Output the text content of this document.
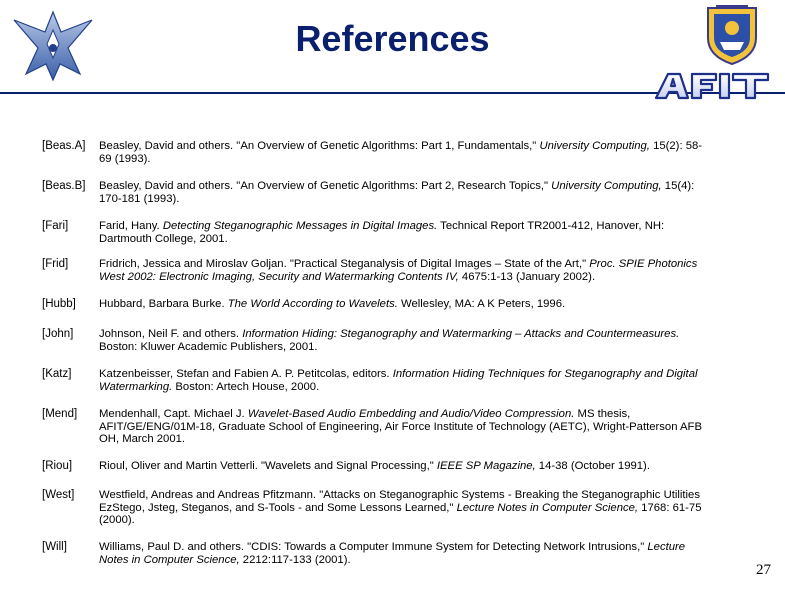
References
[Beas.A] Beasley, David and others. "An Overview of Genetic Algorithms: Part 1, Fundamentals," University Computing, 15(2): 58-69 (1993).
[Beas.B] Beasley, David and others. "An Overview of Genetic Algorithms: Part 2, Research Topics," University Computing, 15(4): 170-181 (1993).
[Fari]	Farid, Hany. Detecting Steganographic Messages in Digital Images. Technical Report TR2001-412, Hanover, NH: Dartmouth College, 2001.
[Frid]	Fridrich, Jessica and Miroslav Goljan. "Practical Steganalysis of Digital Images – State of the Art," Proc. SPIE Photonics West 2002: Electronic Imaging, Security and Watermarking Contents IV, 4675:1-13 (January 2002).
[Hubb] Hubbard, Barbara Burke. The World According to Wavelets. Wellesley, MA: A K Peters, 1996.
[John] Johnson, Neil F. and others. Information Hiding: Steganography and Watermarking – Attacks and Countermeasures. Boston: Kluwer Academic Publishers, 2001.
[Katz] Katzenbeisser, Stefan and Fabien A. P. Petitcolas, editors. Information Hiding Techniques for Steganography and Digital Watermarking. Boston: Artech House, 2000.
[Mend] Mendenhall, Capt. Michael J. Wavelet-Based Audio Embedding and Audio/Video Compression. MS thesis, AFIT/GE/ENG/01M-18, Graduate School of Engineering, Air Force Institute of Technology (AETC), Wright-Patterson AFB OH, March 2001.
[Riou] Rioul, Oliver and Martin Vetterli. "Wavelets and Signal Processing," IEEE SP Magazine, 14-38 (October 1991).
[West] Westfield, Andreas and Andreas Pfitzmann. "Attacks on Steganographic Systems - Breaking the Steganographic Utilities EzStego, Jsteg, Steganos, and S-Tools - and Some Lessons Learned," Lecture Notes in Computer Science, 1768: 61-75 (2000).
[Will]	Williams, Paul D. and others. "CDIS: Towards a Computer Immune System for Detecting Network Intrusions," Lecture Notes in Computer Science, 2212:117-133 (2001).
27
